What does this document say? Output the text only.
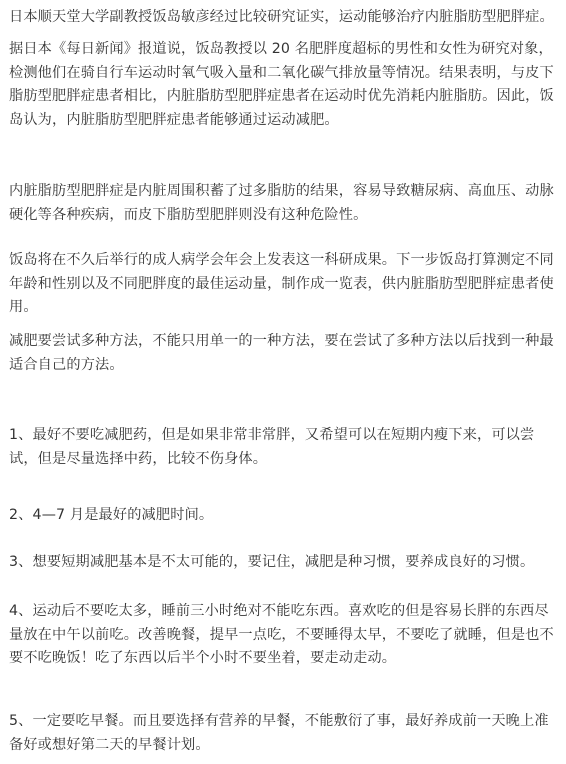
日本顺天堂大学副教授饭岛敏彦经过比较研究证实，运动能够治疗内脏脂肪型肥胖症。

据日本《每日新闻》报道说，饭岛教授以 20 名肥胖度超标的男性和女性为研究对象，检测他们在骑自行车运动时氧气吸入量和二氧化碳气排放量等情况。结果表明，与皮下脂肪型肥胖症患者相比，内脏脂肪型肥胖症患者在运动时优先消耗内脏脂肪。因此，饭岛认为，内脏脂肪型肥胖症患者能够通过运动减肥。

内脏脂肪型肥胖症是内脏周围积蓄了过多脂肪的结果，容易导致糖尿病、高血压、动脉硬化等各种疾病，而皮下脂肪型肥胖则没有这种危险性。

饭岛将在不久后举行的成人病学会年会上发表这一科研成果。下一步饭岛打算测定不同年龄和性别以及不同肥胖度的最佳运动量，制作成一览表，供内脏脂肪型肥胖症患者使用。

减肥要尝试多种方法，不能只用单一的一种方法，要在尝试了多种方法以后找到一种最适合自己的方法。

1、最好不要吃减肥药，但是如果非常非常胖，又希望可以在短期内瘦下来，可以尝试，但是尽量选择中药，比较不伤身体。

2、4—7 月是最好的减肥时间。

3、想要短期减肥基本是不太可能的，要记住，减肥是种习惯，要养成良好的习惯。

4、运动后不要吃太多，睡前三小时绝对不能吃东西。喜欢吃的但是容易长胖的东西尽量放在中午以前吃。改善晚餐，提早一点吃，不要睡得太早，不要吃了就睡，但是也不要不吃晚饭！吃了东西以后半个小时不要坐着，要走动走动。

5、一定要吃早餐。而且要选择有营养的早餐，不能敷衍了事，最好养成前一天晚上准备好或想好第二天的早餐计划。
